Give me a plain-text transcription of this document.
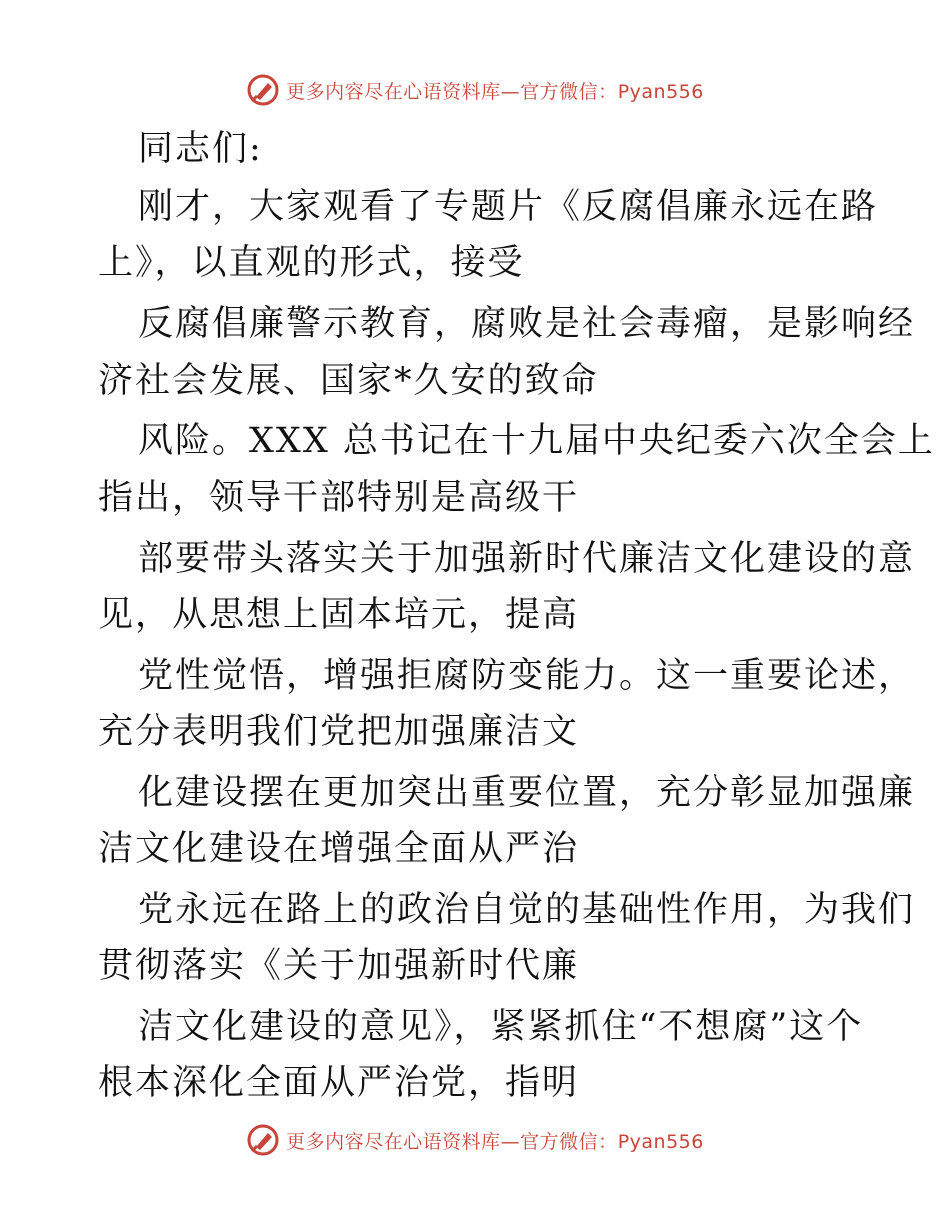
更多内容尽在心语资料库—官方微信：Pyan556
同志们:
刚才，大家观看了专题片《反腐倡廉永远在路
上》，以直观的形式，接受
反腐倡廉警示教育，腐败是社会毒瘤，是影响经
济社会发展、国家*久安的致命
风险。XXX 总书记在十九届中央纪委六次全会上
指出，领导干部特别是高级干
部要带头落实关于加强新时代廉洁文化建设的意
见，从思想上固本培元，提高
党性觉悟，增强拒腐防变能力。这一重要论述，
充分表明我们党把加强廉洁文
化建设摆在更加突出重要位置，充分彰显加强廉
洁文化建设在增强全面从严治
党永远在路上的政治自觉的基础性作用，为我们
贯彻落实《关于加强新时代廉
洁文化建设的意见》，紧紧抓住“不想腐”这个
根本深化全面从严治党，指明
更多内容尽在心语资料库—官方微信：Pyan556
